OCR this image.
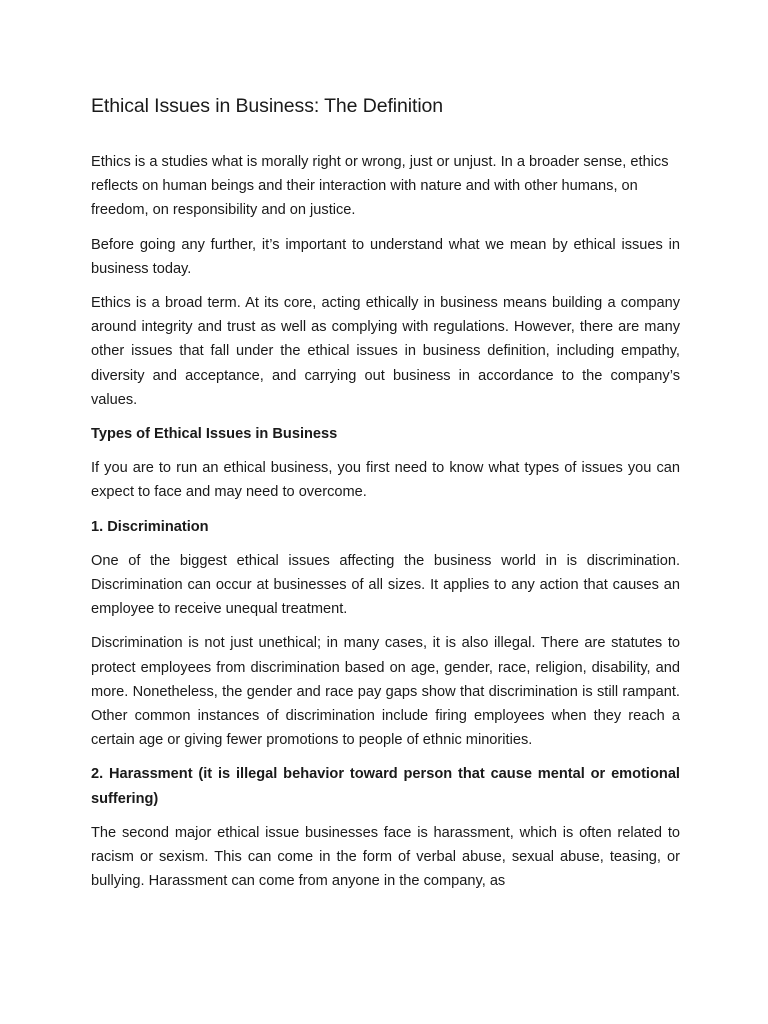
Ethical Issues in Business: The Definition

Ethics is a studies what is morally right or wrong, just or unjust. In a broader sense, ethics reflects on human beings and their interaction with nature and with other humans, on freedom, on responsibility and on justice.

Before going any further, it’s important to understand what we mean by ethical issues in business today.

Ethics is a broad term. At its core, acting ethically in business means building a company around integrity and trust as well as complying with regulations. However, there are many other issues that fall under the ethical issues in business definition, including empathy, diversity and acceptance, and carrying out business in accordance to the company’s values.

Types of Ethical Issues in Business

If you are to run an ethical business, you first need to know what types of issues you can expect to face and may need to overcome.

1. Discrimination

One of the biggest ethical issues affecting the business world in is discrimination. Discrimination can occur at businesses of all sizes. It applies to any action that causes an employee to receive unequal treatment.

Discrimination is not just unethical; in many cases, it is also illegal. There are statutes to protect employees from discrimination based on age, gender, race, religion, disability, and more. Nonetheless, the gender and race pay gaps show that discrimination is still rampant. Other common instances of discrimination include firing employees when they reach a certain age or giving fewer promotions to people of ethnic minorities.

2. Harassment (it is illegal behavior toward person that cause mental or emotional suffering)

The second major ethical issue businesses face is harassment, which is often related to racism or sexism. This can come in the form of verbal abuse, sexual abuse, teasing, or bullying. Harassment can come from anyone in the company, as
